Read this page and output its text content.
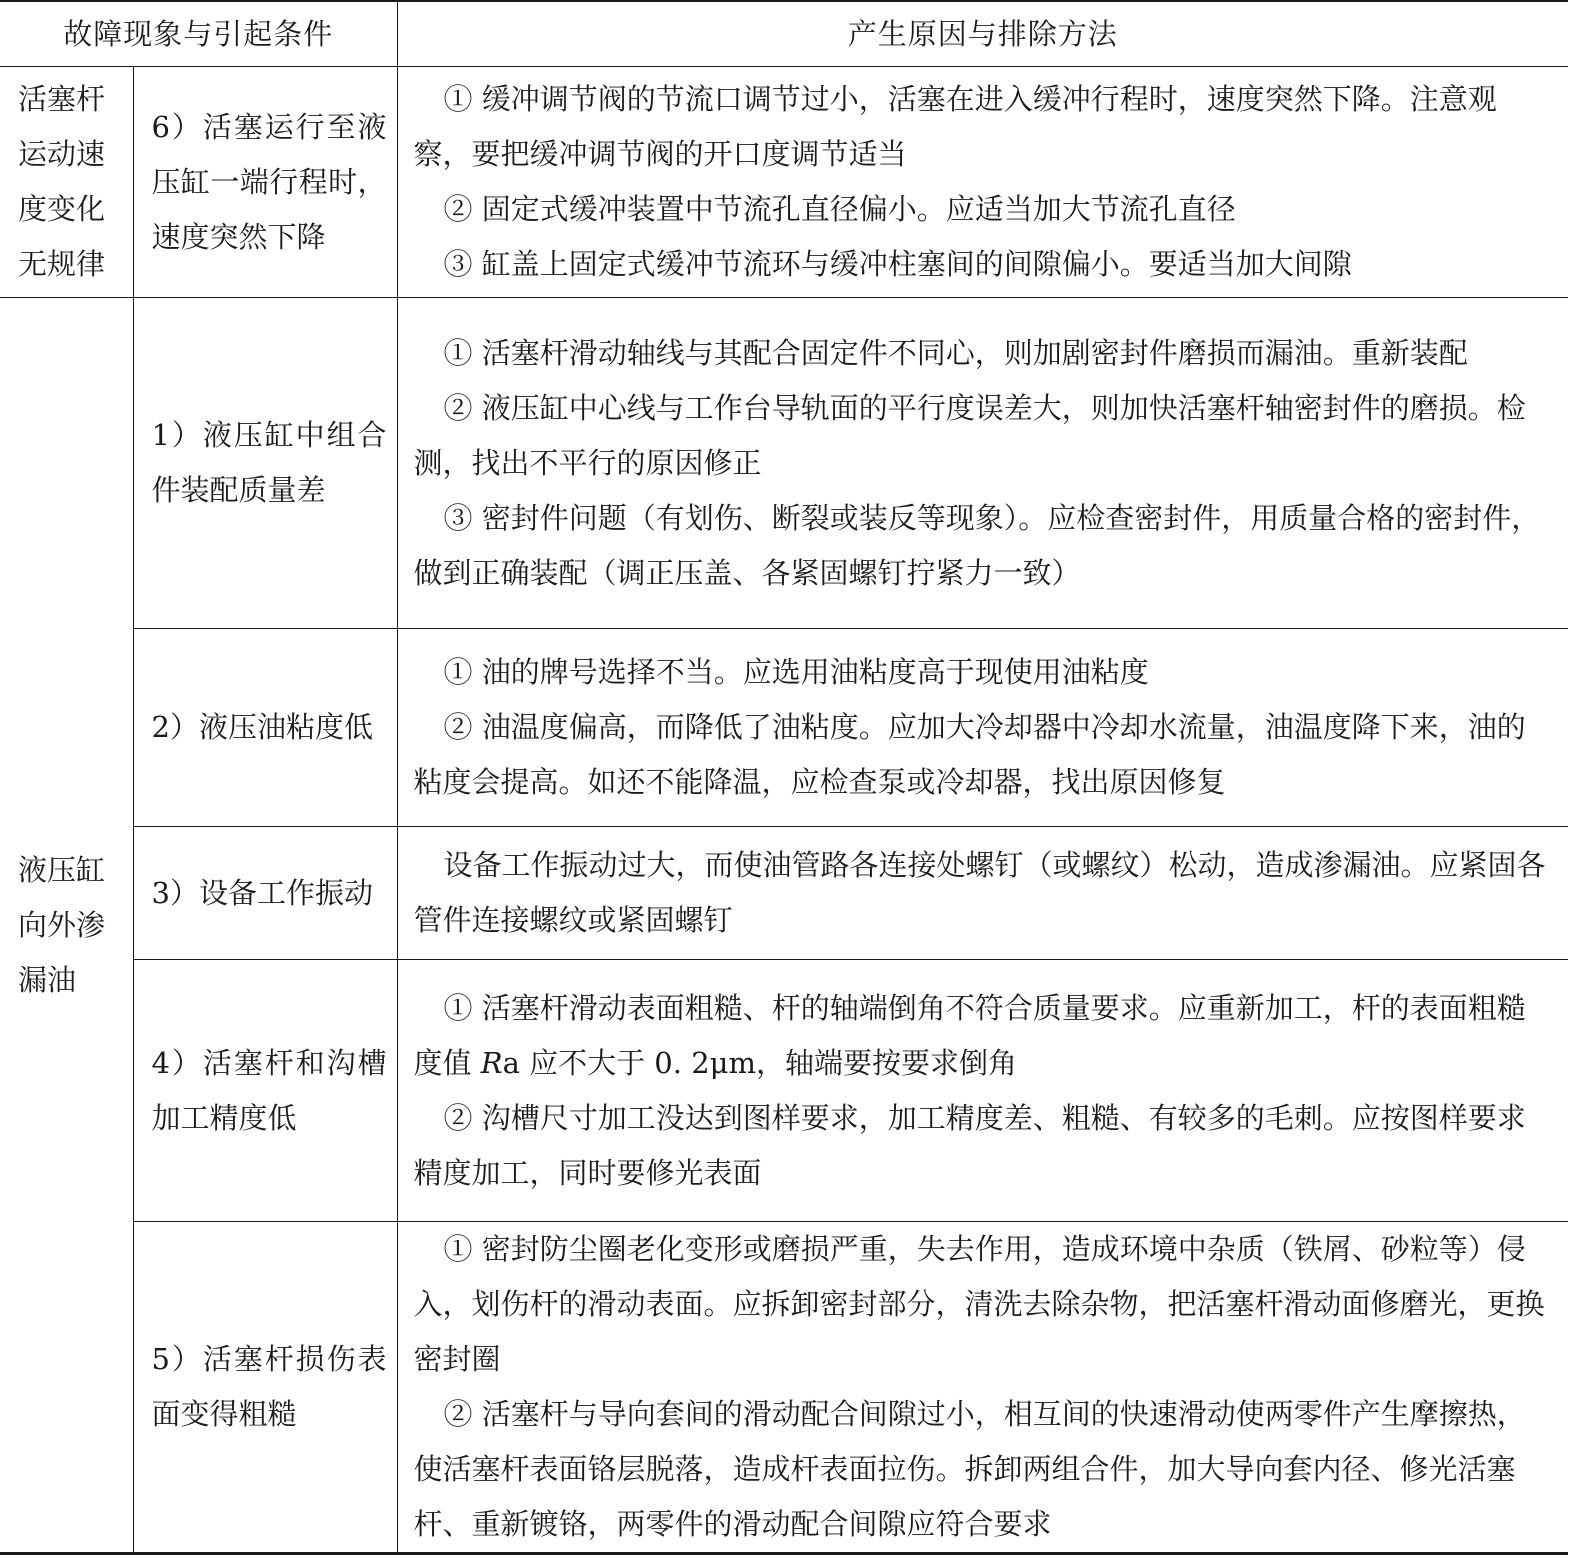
故障现象与引起条件		产生原因与排除方法
活塞杆运动速度变化无规律	6）活塞运行至液压缸一端行程时，速度突然下降	① 缓冲调节阀的节流口调节过小，活塞在进入缓冲行程时，速度突然下降。注意观察，要把缓冲调节阀的开口度调节适当

② 固定式缓冲装置中节流孔直径偏小。应适当加大节流孔直径

③ 缸盖上固定式缓冲节流环与缓冲柱塞间的间隙偏小。要适当加大间隙

液压缸向外渗漏油	1）液压缸中组合件装配质量差	① 活塞杆滑动轴线与其配合固定件不同心，则加剧密封件磨损而漏油。重新装配

② 液压缸中心线与工作台导轨面的平行度误差大，则加快活塞杆轴密封件的磨损。检测，找出不平行的原因修正

③ 密封件问题（有划伤、断裂或装反等现象）。应检查密封件，用质量合格的密封件，做到正确装配（调正压盖、各紧固螺钉拧紧力一致）

	2）液压油粘度低	① 油的牌号选择不当。应选用油粘度高于现使用油粘度

② 油温度偏高，而降低了油粘度。应加大冷却器中冷却水流量，油温度降下来，油的粘度会提高。如还不能降温，应检查泵或冷却器，找出原因修复

	3）设备工作振动	设备工作振动过大，而使油管路各连接处螺钉（或螺纹）松动，造成渗漏油。应紧固各管件连接螺纹或紧固螺钉

	4）活塞杆和沟槽加工精度低	① 活塞杆滑动表面粗糙、杆的轴端倒角不符合质量要求。应重新加工，杆的表面粗糙度值 Ra 应不大于 0. 2μm，轴端要按要求倒角

② 沟槽尺寸加工没达到图样要求，加工精度差、粗糙、有较多的毛刺。应按图样要求精度加工，同时要修光表面

	5）活塞杆损伤表面变得粗糙	① 密封防尘圈老化变形或磨损严重，失去作用，造成环境中杂质（铁屑、砂粒等）侵入，划伤杆的滑动表面。应拆卸密封部分，清洗去除杂物，把活塞杆滑动面修磨光，更换密封圈

② 活塞杆与导向套间的滑动配合间隙过小，相互间的快速滑动使两零件产生摩擦热，使活塞杆表面铬层脱落，造成杆表面拉伤。拆卸两组合件，加大导向套内径、修光活塞杆、重新镀铬，两零件的滑动配合间隙应符合要求
